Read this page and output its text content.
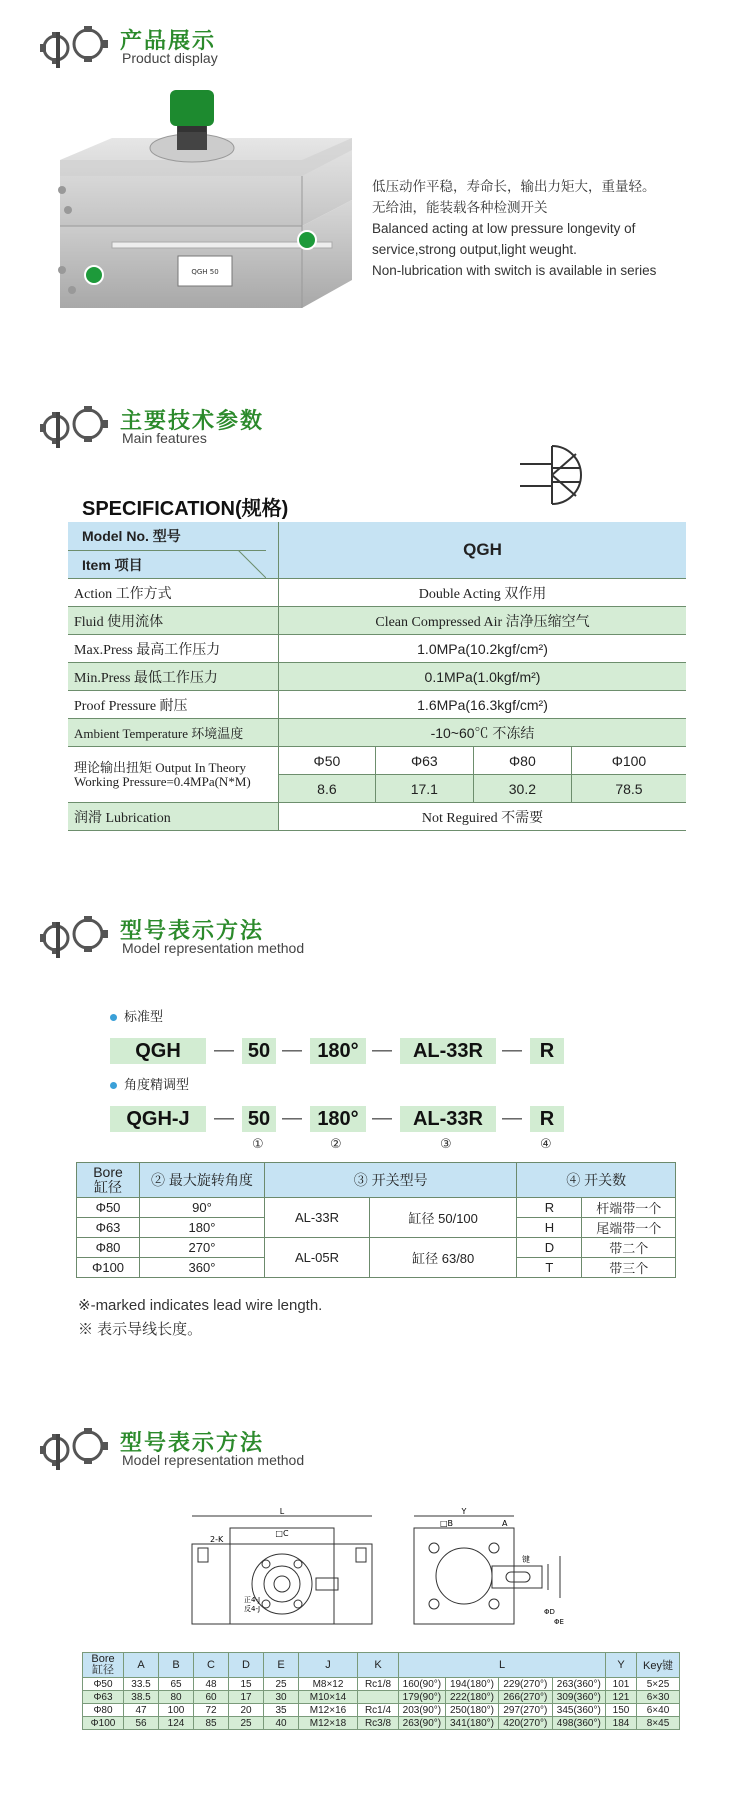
产品展示
Product display
QGH 50
低压动作平稳，寿命长，输出力矩大，重量轻。
无给油，能装载各种检测开关
Balanced acting at low pressure longevity of
service,strong output,light weught.
Non-lubrication with switch is available in series
主要技术参数
Main features
SPECIFICATION(规格)
Model No. 型号
Item 项目	QGH			
Action 工作方式	Double Acting 双作用			
Fluid 使用流体	Clean Compressed Air 洁净压缩空气			
Max.Press 最高工作压力	1.0MPa(10.2kgf/cm²)			
Min.Press 最低工作压力	0.1MPa(1.0kgf/m²)			
Proof Pressure 耐压	1.6MPa(16.3kgf/cm²)			
Ambient Temperature 环境温度	-10~60℃ 不冻结			

理论输出扭矩 Output In Theory
Working Pressure=0.4MPa(N*M)	Φ50	Φ63	Φ80	Φ100
	8.6	17.1	30.2	78.5
润滑 Lubrication	Not Reguired 不需要			
型号表示方法
Model representation method
标准型
QGH	— 50 — 180° —	AL-33R — R
角度精调型
QGH-J	— 50 — 180° —	AL-33R — R
①	②	③	④
Bore
缸径	② 最大旋转角度	③ 开关型号		④ 开关数	
Φ50	90°	AL-33R	缸径 50/100	R	杆端带一个
Φ63	180°			H	尾端带一个
Φ80	270°	AL-05R	缸径 63/80	D	带二个
Φ100	360°			T	带三个
※-marked indicates lead wire length.
※ 表示导线长度。
型号表示方法
Model representation method
L
□C
2-K
正4-J
反4-J
Y
□B	A
键
ΦD
ΦE
Bore
缸径	A	B	C	D	E	J	K	L				Y	Key键
Φ50	33.5	65	48	15	25	M8×12	Rc1/8	160(90°)	194(180°)	229(270°)	263(360°)	101	5×25
Φ63	38.5	80	60	17	30	M10×14		179(90°)	222(180°)	266(270°)	309(360°)	121	6×30
Φ80	47	100	72	20	35	M12×16	Rc1/4	203(90°)	250(180°)	297(270°)	345(360°)	150	6×40
Φ100	56	124	85	25	40	M12×18	Rc3/8	263(90°)	341(180°)	420(270°)	498(360°)	184	8×45
